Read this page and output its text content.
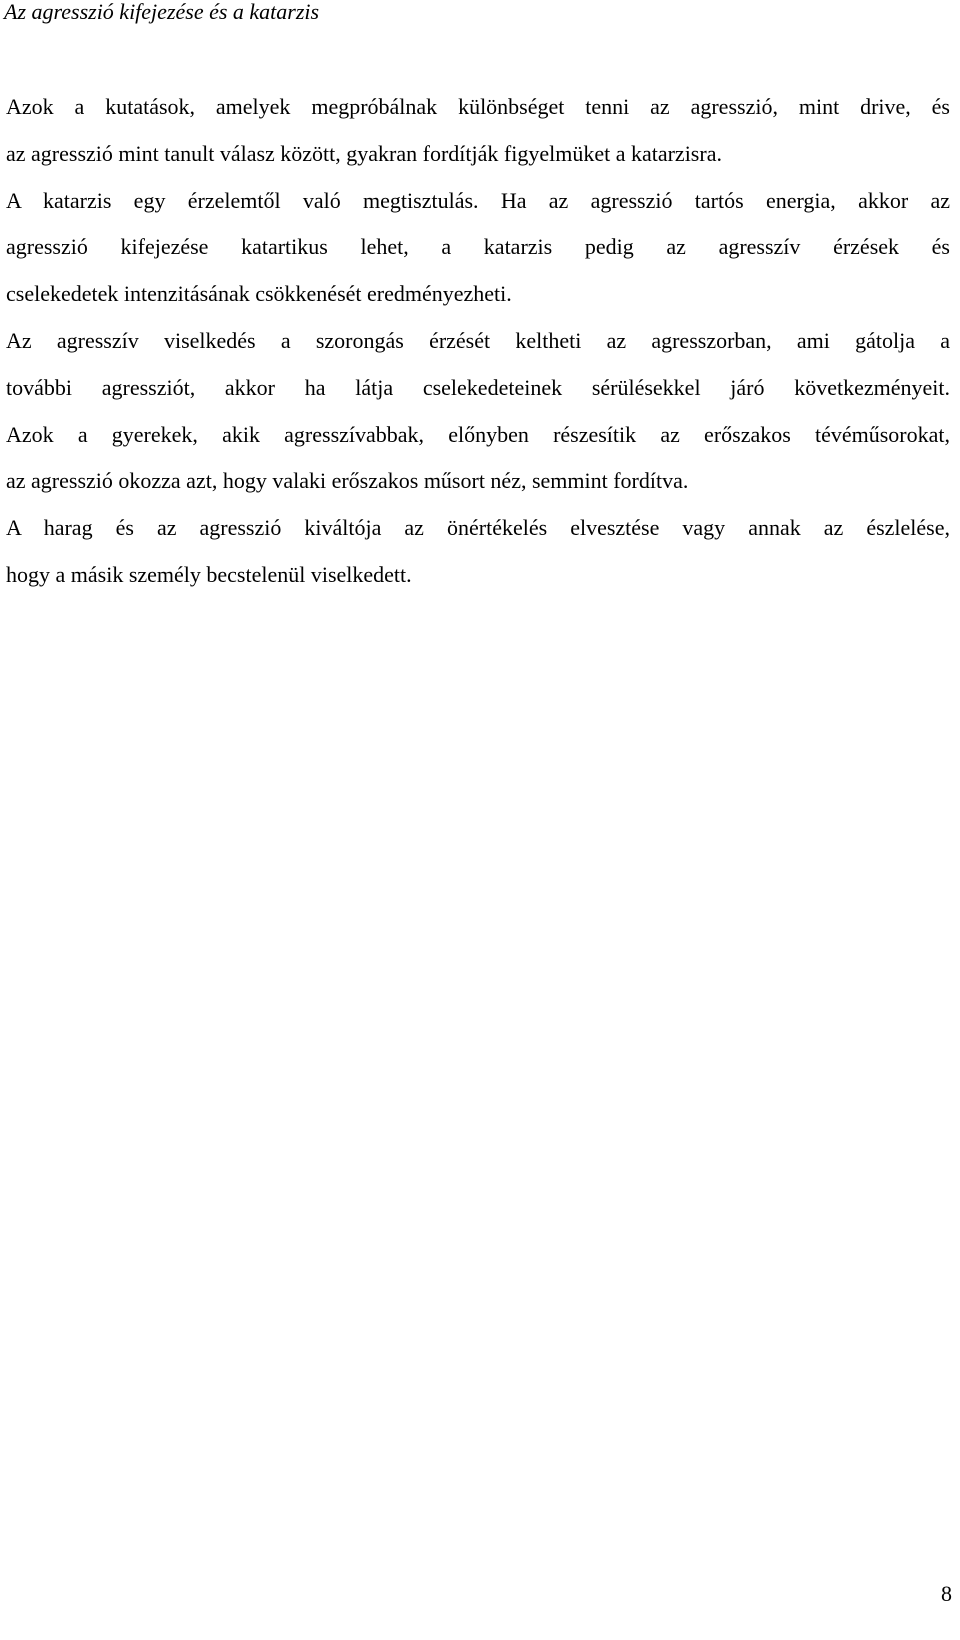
Az agresszió kifejezése és a katarzis
Azok a kutatások, amelyek megpróbálnak különbséget tenni az agresszió, mint drive, és
az agresszió mint tanult válasz között, gyakran fordítják figyelmüket a katarzisra.
A katarzis egy érzelemtől való megtisztulás. Ha az agresszió tartós energia, akkor az
agresszió kifejezése katartikus lehet, a katarzis pedig az agresszív érzések és
cselekedetek intenzitásának csökkenését eredményezheti.
Az agresszív viselkedés a szorongás érzését keltheti az agresszorban, ami gátolja a
további agressziót, akkor ha látja cselekedeteinek sérülésekkel járó következményeit.
Azok a gyerekek, akik agresszívabbak, előnyben részesítik az erőszakos tévéműsorokat,
az agresszió okozza azt, hogy valaki erőszakos műsort néz, semmint fordítva.
A harag és az agresszió kiváltója az önértékelés elvesztése vagy annak az észlelése,
hogy a másik személy becstelenül viselkedett.
8
